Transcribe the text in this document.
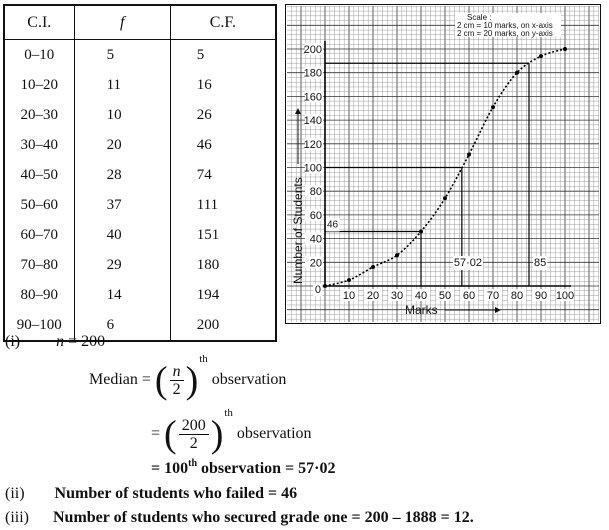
C.I.	f	C.F.
0–10	5	5
10–20	11	16
20–30	10	26
30–40	20	46
40–50	28	74
50–60	37	111
60–70	40	151
70–80	29	180
80–90	14	194
90–100	6	200
20
40
60
80
100
120
140
160
180
200
10 20 30 40 50 60 70 80 90 100
0
Scale :
2 cm = 10 marks, on x-axis
2 cm = 20 marks, on y-axis
Marks
Number of Students 46
57·02	85
(i) n = 200
Median = ( $\frac{n}{2} )^{th}$ observation
= ( $\frac{200}{2} )^{th}$ observation
= 100th observation = 57·02
(ii) Number of students who failed = 46
(iii) Number of students who secured grade one = 200 – 1888 = 12.
